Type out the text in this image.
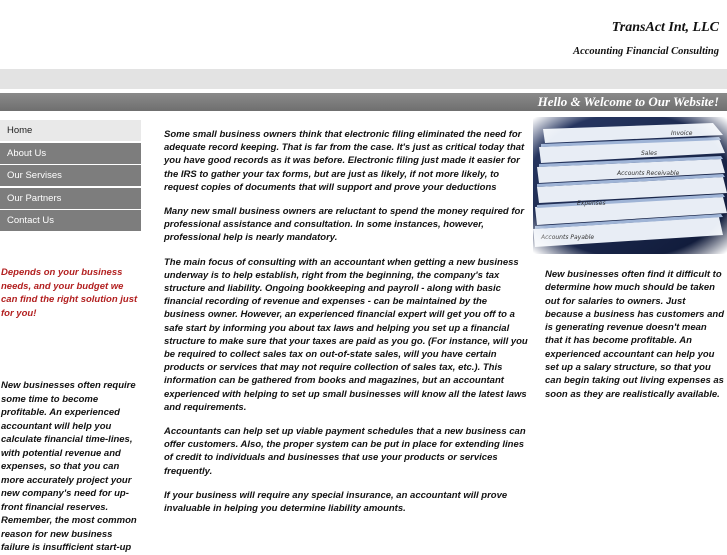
TransAct Int, LLC
Accounting Financial Consulting
Hello & Welcome to Our Website!
Home
About Us
Our Servises
Our Partners
Contact Us
Depends on your business needs, and your budget we can find the right solution just for you!
New businesses often require some time to become profitable. An experienced accountant will help you calculate financial time-lines, with potential revenue and expenses, so that you can more accurately project your new company's need for up-front financial reserves. Remember, the most common reason for new business failure is insufficient start-up

Some small business owners think that electronic filing eliminated the need for adequate record keeping. That is far from the case. It's just as critical today that you have good records as it was before. Electronic filing just made it easier for the IRS to gather your tax forms, but are just as likely, if not more likely, to request copies of documents that will support and prove your deductions

Many new small business owners are reluctant to spend the money required for professional assistance and consultation. In some instances, however, professional help is nearly mandatory.

The main focus of consulting with an accountant when getting a new business underway is to help establish, right from the beginning, the company's tax structure and liability. Ongoing bookkeeping and payroll - along with basic financial recording of revenue and expenses - can be maintained by the business owner. However, an experienced financial expert will get you off to a safe start by informing you about tax laws and helping you set up a financial structure to make sure that your taxes are paid as you go. (For instance, will you be required to collect sales tax on out-of-state sales, will you have certain products or services that may not require collection of sales tax, etc.). This information can be gathered from books and magazines, but an accountant experienced with helping to set up small businesses will know all the latest laws and requirements.

Accountants can help set up viable payment schedules that a new business can offer customers. Also, the proper system can be put in place for extending lines of credit to individuals and businesses that use your products or services frequently.

If your business will require any special insurance, an accountant will prove invaluable in helping you determine liability amounts.

New businesses often find it difficult to determine how much should be taken out for salaries to owners. Just because a business has customers and is generating revenue doesn't mean that it has become profitable. An experienced accountant can help you set up a salary structure, so that you can begin taking out living expenses as soon as they are realistically available.
